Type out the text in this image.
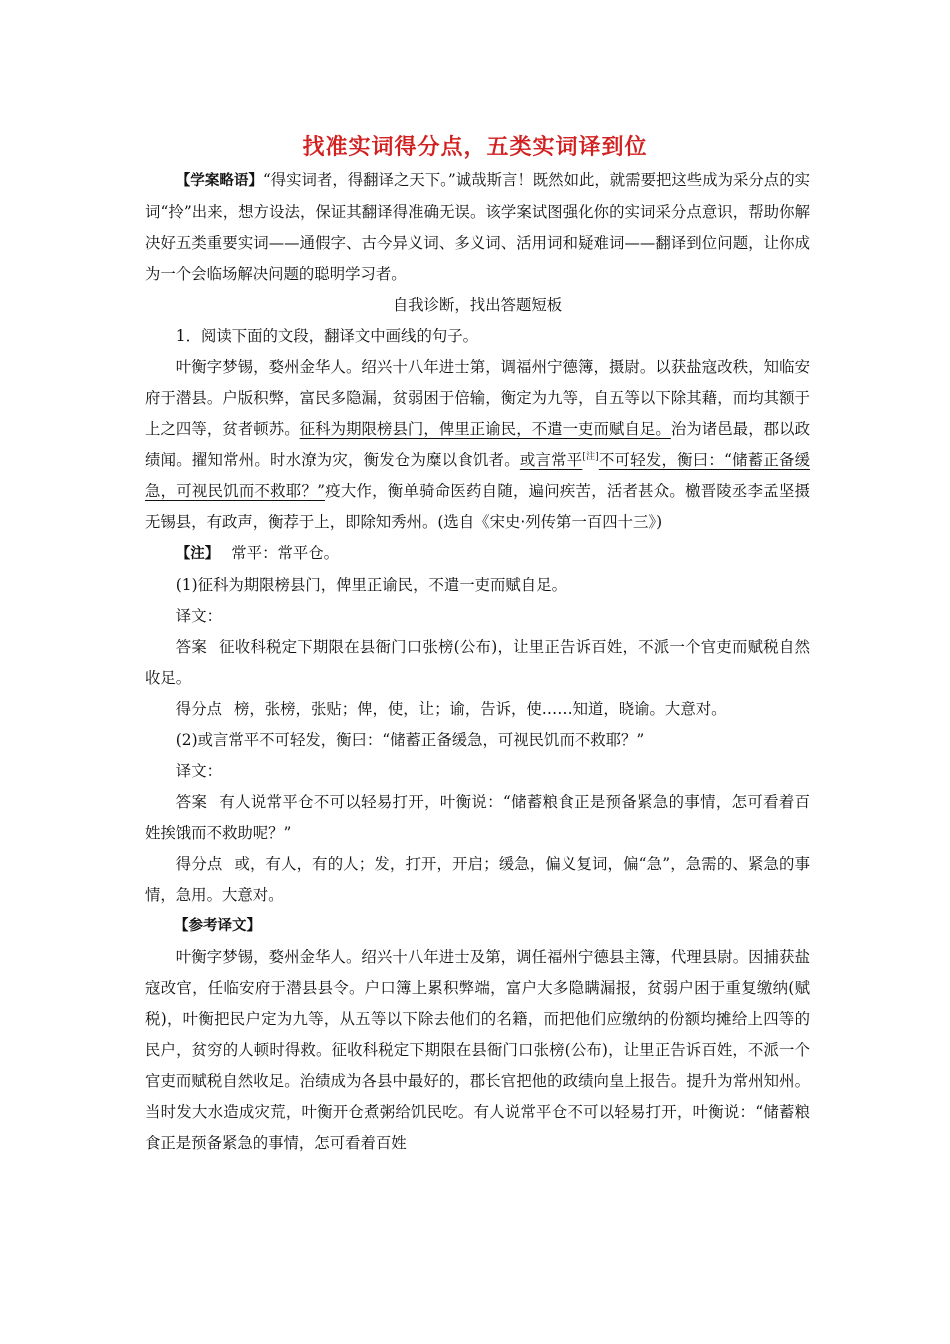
找准实词得分点，五类实词译到位

【学案略语】“得实词者，得翻译之天下。”诚哉斯言！既然如此，就需要把这些成为采分点的实词“拎”出来，想方设法，保证其翻译得准确无误。该学案试图强化你的实词采分点意识，帮助你解决好五类重要实词——通假字、古今异义词、多义词、活用词和疑难词——翻译到位问题，让你成为一个会临场解决问题的聪明学习者。

自我诊断，找出答题短板

1．阅读下面的文段，翻译文中画线的句子。

叶衡字梦锡，婺州金华人。绍兴十八年进士第，调福州宁德簿，摄尉。以获盐寇改秩，知临安府于潜县。户版积弊，富民多隐漏，贫弱困于倍输，衡定为九等，自五等以下除其藉，而均其额于上之四等，贫者顿苏。征科为期限榜县门，俾里正谕民，不遣一吏而赋自足。治为诸邑最，郡以政绩闻。擢知常州。时水潦为灾，衡发仓为糜以食饥者。或言常平[注]不可轻发，衡曰：“储蓄正备缓急，可视民饥而不救耶？”疫大作，衡单骑命医药自随，遍问疾苦，活者甚众。檄晋陵丞李孟坚摄无锡县，有政声，衡荐于上，即除知秀州。(选自《宋史·列传第一百四十三》)

【注】 常平：常平仓。

(1)征科为期限榜县门，俾里正谕民，不遣一吏而赋自足。

译文：

答案 征收科税定下期限在县衙门口张榜(公布)，让里正告诉百姓，不派一个官吏而赋税自然收足。

得分点 榜，张榜，张贴；俾，使，让；谕，告诉，使……知道，晓谕。大意对。

(2)或言常平不可轻发，衡曰：“储蓄正备缓急，可视民饥而不救耶？”

译文：

答案 有人说常平仓不可以轻易打开，叶衡说：“储蓄粮食正是预备紧急的事情，怎可看着百姓挨饿而不救助呢？”

得分点 或，有人，有的人；发，打开，开启；缓急，偏义复词，偏“急”，急需的、紧急的事情，急用。大意对。

【参考译文】

叶衡字梦锡，婺州金华人。绍兴十八年进士及第，调任福州宁德县主簿，代理县尉。因捕获盐寇改官，任临安府于潜县县令。户口簿上累积弊端，富户大多隐瞒漏报，贫弱户困于重复缴纳(赋税)，叶衡把民户定为九等，从五等以下除去他们的名籍，而把他们应缴纳的份额均摊给上四等的民户，贫穷的人顿时得救。征收科税定下期限在县衙门口张榜(公布)，让里正告诉百姓，不派一个官吏而赋税自然收足。治绩成为各县中最好的，郡长官把他的政绩向皇上报告。提升为常州知州。当时发大水造成灾荒，叶衡开仓煮粥给饥民吃。有人说常平仓不可以轻易打开，叶衡说：“储蓄粮食正是预备紧急的事情，怎可看着百姓
